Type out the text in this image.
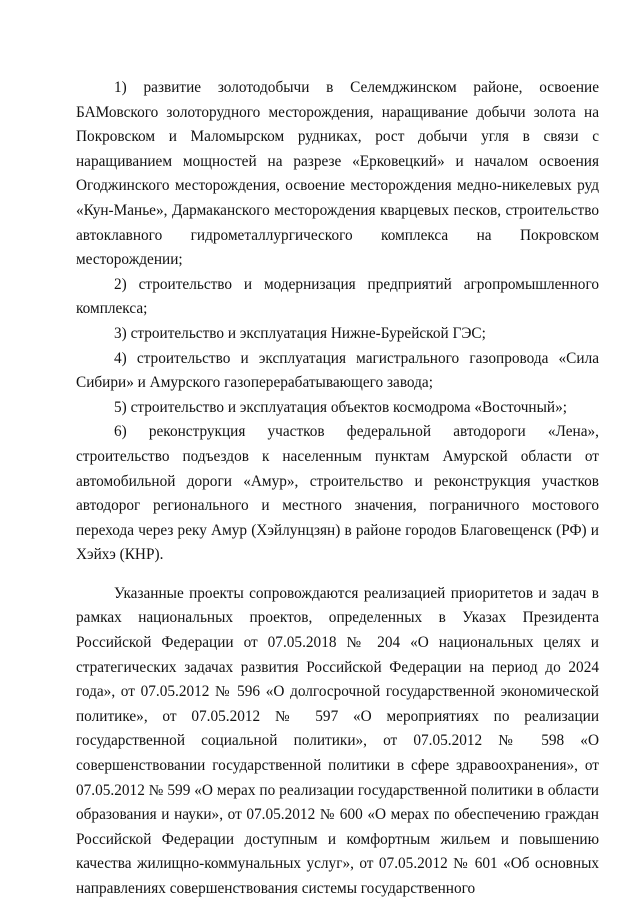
1) развитие золотодобычи в Селемджинском районе, освоение БАМовского золоторудного месторождения, наращивание добычи золота на Покровском и Маломырском рудниках, рост добычи угля в связи с наращиванием мощностей на разрезе «Ерковецкий» и началом освоения Огоджинского месторождения, освоение месторождения медно-никелевых руд «Кун-Манье», Дармаканского месторождения кварцевых песков, строительство автоклавного гидрометаллургического комплекса на Покровском месторождении;

2) строительство и модернизация предприятий агропромышленного комплекса;

3) строительство и эксплуатация Нижне-Бурейской ГЭС;

4) строительство и эксплуатация магистрального газопровода «Сила Сибири» и Амурского газоперерабатывающего завода;

5) строительство и эксплуатация объектов космодрома «Восточный»;

6) реконструкция участков федеральной автодороги «Лена», строительство подъездов к населенным пунктам Амурской области от автомобильной дороги «Амур», строительство и реконструкция участков автодорог регионального и местного значения, пограничного мостового перехода через реку Амур (Хэйлунцзян) в районе городов Благовещенск (РФ) и Хэйхэ (КНР).

Указанные проекты сопровождаются реализацией приоритетов и задач в рамках национальных проектов, определенных в Указах Президента Российской Федерации от 07.05.2018 № 204 «О национальных целях и стратегических задачах развития Российской Федерации на период до 2024 года», от 07.05.2012 № 596 «О долгосрочной государственной экономической политике», от 07.05.2012 № 597 «О мероприятиях по реализации государственной социальной политики», от 07.05.2012 № 598 «О совершенствовании государственной политики в сфере здравоохранения», от 07.05.2012 № 599 «О мерах по реализации государственной политики в области образования и науки», от 07.05.2012 № 600 «О мерах по обеспечению граждан Российской Федерации доступным и комфортным жильем и повышению качества жилищно-коммунальных услуг», от 07.05.2012 № 601 «Об основных направлениях совершенствования системы государственного
